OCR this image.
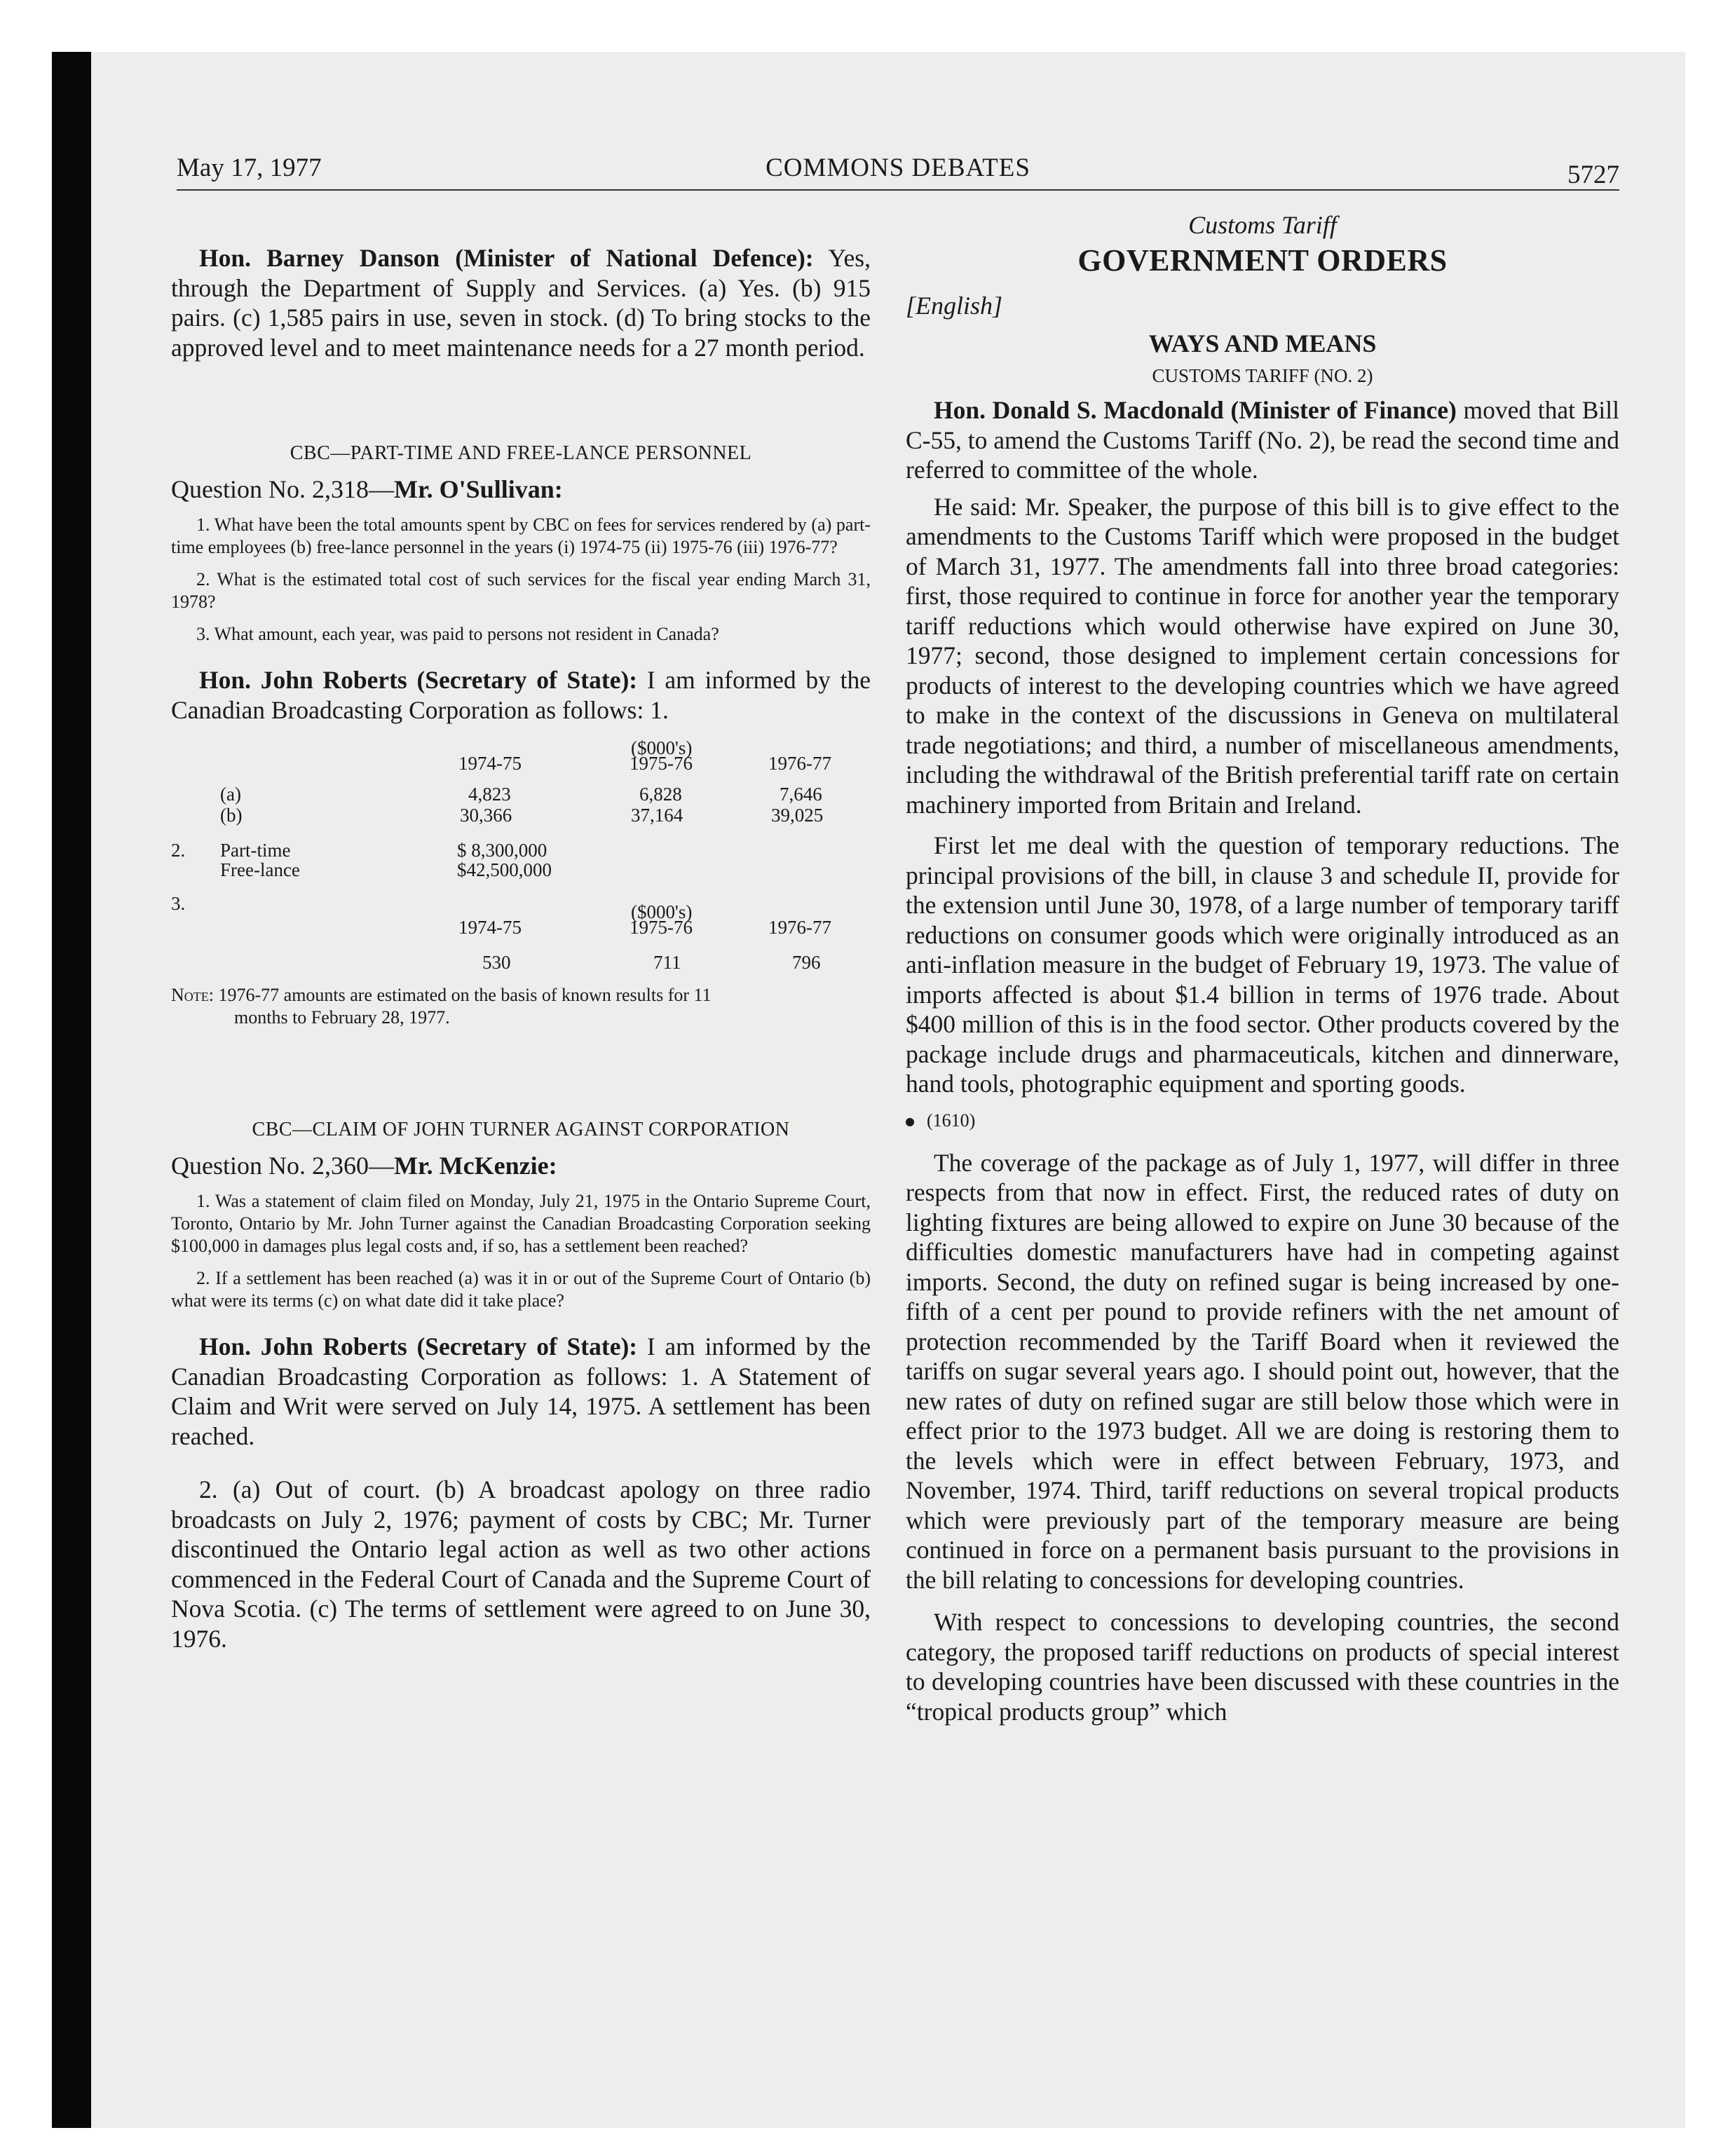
May 17, 1977	COMMONS DEBATES	5727

Hon. Barney Danson (Minister of National Defence): Yes, through the Department of Supply and Services. (a) Yes. (b) 915 pairs. (c) 1,585 pairs in use, seven in stock. (d) To bring stocks to the approved level and to meet maintenance needs for a 27 month period.

CBC—PART-TIME AND FREE-LANCE PERSONNEL

Question No. 2,318—Mr. O'Sullivan:

1. What have been the total amounts spent by CBC on fees for services rendered by (a) part-time employees (b) free-lance personnel in the years (i) 1974-75 (ii) 1975-76 (iii) 1976-77?

2. What is the estimated total cost of such services for the fiscal year ending March 31, 1978?

3. What amount, each year, was paid to persons not resident in Canada?

Hon. John Roberts (Secretary of State): I am informed by the Canadian Broadcasting Corporation as follows: 1.

($000's)
1974-75	1975-76	1976-77
(a)	4,823	6,828	7,646
(b)	30,366	37,164	39,025
2. Part-time	$ 8,300,000
Free-lance	$42,500,000
3.	($000's)
1974-75	1975-76	1976-77
530	711	796

Note: 1976-77 amounts are estimated on the basis of known results for 11

months to February 28, 1977.

CBC—CLAIM OF JOHN TURNER AGAINST CORPORATION

Question No. 2,360—Mr. McKenzie:

1. Was a statement of claim filed on Monday, July 21, 1975 in the Ontario Supreme Court, Toronto, Ontario by Mr. John Turner against the Canadian Broadcasting Corporation seeking $100,000 in damages plus legal costs and, if so, has a settlement been reached?

2. If a settlement has been reached (a) was it in or out of the Supreme Court of Ontario (b) what were its terms (c) on what date did it take place?

Hon. John Roberts (Secretary of State): I am informed by the Canadian Broadcasting Corporation as follows: 1. A Statement of Claim and Writ were served on July 14, 1975. A settlement has been reached.

2. (a) Out of court. (b) A broadcast apology on three radio broadcasts on July 2, 1976; payment of costs by CBC; Mr. Turner discontinued the Ontario legal action as well as two other actions commenced in the Federal Court of Canada and the Supreme Court of Nova Scotia. (c) The terms of settlement were agreed to on June 30, 1976.

Customs Tariff

GOVERNMENT ORDERS

[English]

WAYS AND MEANS

CUSTOMS TARIFF (NO. 2)

Hon. Donald S. Macdonald (Minister of Finance) moved that Bill C-55, to amend the Customs Tariff (No. 2), be read the second time and referred to committee of the whole.

He said: Mr. Speaker, the purpose of this bill is to give effect to the amendments to the Customs Tariff which were proposed in the budget of March 31, 1977. The amendments fall into three broad categories: first, those required to continue in force for another year the temporary tariff reductions which would otherwise have expired on June 30, 1977; second, those designed to implement certain concessions for products of interest to the developing countries which we have agreed to make in the context of the discussions in Geneva on multilateral trade negotiations; and third, a number of miscellaneous amendments, including the withdrawal of the British preferential tariff rate on certain machinery imported from Britain and Ireland.

First let me deal with the question of temporary reductions. The principal provisions of the bill, in clause 3 and schedule II, provide for the extension until June 30, 1978, of a large number of temporary tariff reductions on consumer goods which were originally introduced as an anti-inflation measure in the budget of February 19, 1973. The value of imports affected is about $1.4 billion in terms of 1976 trade. About $400 million of this is in the food sector. Other products covered by the package include drugs and pharmaceuticals, kitchen and dinnerware, hand tools, photographic equipment and sporting goods.

(1610)

The coverage of the package as of July 1, 1977, will differ in three respects from that now in effect. First, the reduced rates of duty on lighting fixtures are being allowed to expire on June 30 because of the difficulties domestic manufacturers have had in competing against imports. Second, the duty on refined sugar is being increased by one-fifth of a cent per pound to provide refiners with the net amount of protection recommended by the Tariff Board when it reviewed the tariffs on sugar several years ago. I should point out, however, that the new rates of duty on refined sugar are still below those which were in effect prior to the 1973 budget. All we are doing is restoring them to the levels which were in effect between February, 1973, and November, 1974. Third, tariff reductions on several tropical products which were previously part of the temporary measure are being continued in force on a permanent basis pursuant to the provisions in the bill relating to concessions for developing countries.

With respect to concessions to developing countries, the second category, the proposed tariff reductions on products of special interest to developing countries have been discussed with these countries in the “tropical products group” which
